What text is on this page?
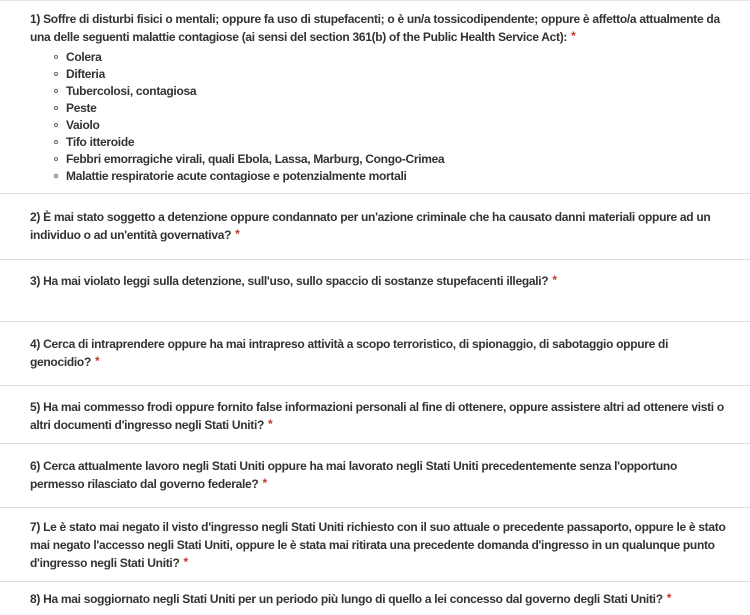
1) Soffre di disturbi fisici o mentali; oppure fa uso di stupefacenti; o è un/a tossicodipendente; oppure è affetto/a attualmente da una delle seguenti malattie contagiose (ai sensi del section 361(b) of the Public Health Service Act): *

Colera
Difteria
Tubercolosi, contagiosa
Peste
Vaiolo
Tifo itteroide
Febbri emorragiche virali, quali Ebola, Lassa, Marburg, Congo-Crimea
Malattie respiratorie acute contagiose e potenzialmente mortali

2) È mai stato soggetto a detenzione oppure condannato per un'azione criminale che ha causato danni materiali oppure ad un individuo o ad un'entità governativa? *

3) Ha mai violato leggi sulla detenzione, sull'uso, sullo spaccio di sostanze stupefacenti illegali? *

4) Cerca di intraprendere oppure ha mai intrapreso attività a scopo terroristico, di spionaggio, di sabotaggio oppure di genocidio? *

5) Ha mai commesso frodi oppure fornito false informazioni personali al fine di ottenere, oppure assistere altri ad ottenere visti o altri documenti d'ingresso negli Stati Uniti? *

6) Cerca attualmente lavoro negli Stati Uniti oppure ha mai lavorato negli Stati Uniti precedentemente senza l'opportuno permesso rilasciato dal governo federale? *

7) Le è stato mai negato il visto d'ingresso negli Stati Uniti richiesto con il suo attuale o precedente passaporto, oppure le è stato mai negato l'accesso negli Stati Uniti, oppure le è stata mai ritirata una precedente domanda d'ingresso in un qualunque punto d'ingresso negli Stati Uniti? *

8) Ha mai soggiornato negli Stati Uniti per un periodo più lungo di quello a lei concesso dal governo degli Stati Uniti? *
